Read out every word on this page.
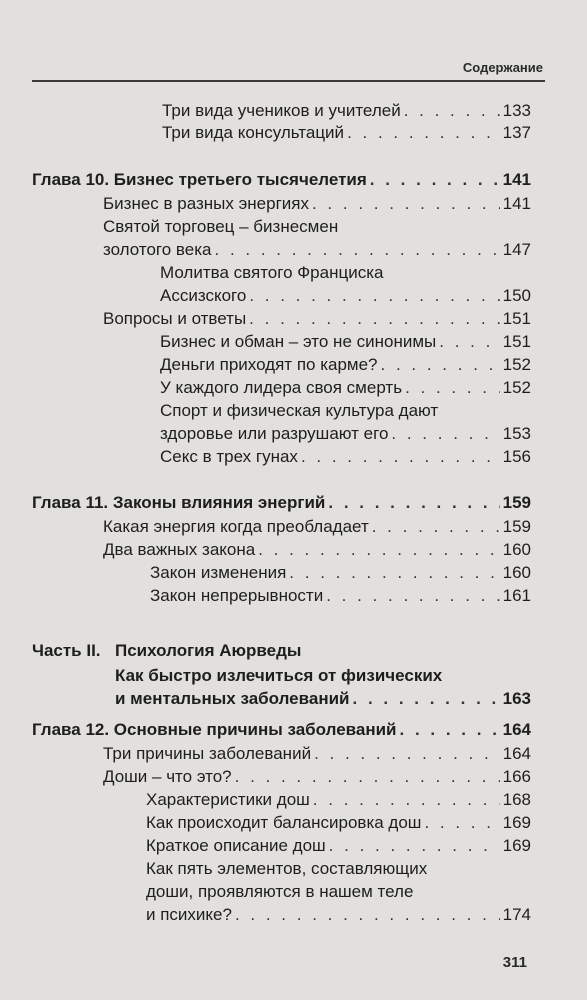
Содержание
Три вида учеников и учителей . . .	133
Три вида консультаций . . .	137
Глава 10. Бизнес третьего тысячелетия . . .	141
Бизнес в разных энергиях . . .	141
Святой торговец – бизнесмен
золотого века . . .	147
Молитва святого Франциска
Ассизского . . .	150
Вопросы и ответы . . .	151
Бизнес и обман – это не синонимы . . .	151
Деньги приходят по карме? . . .	152
У каждого лидера своя смерть . . .	152
Спорт и физическая культура дают
здоровье или разрушают его . . .	153
Секс в трех гунах . . .	156
Глава 11. Законы влияния энергий . . .	159
Какая энергия когда преобладает . . .	159
Два важных закона . . .	160
Закон изменения . . .	160
Закон непрерывности . . .	161
Часть II. Психология Аюрведы
Как быстро излечиться от физических
и ментальных заболеваний . . .	163
Глава 12. Основные причины заболеваний . . .	164
Три причины заболеваний . . .	164
Доши – что это? . . .	166
Характеристики дош . . .	168
Как происходит балансировка дош . . .	169
Краткое описание дош . . .	169
Как пять элементов, составляющих
доши, проявляются в нашем теле
и психике? . . .	174
311
